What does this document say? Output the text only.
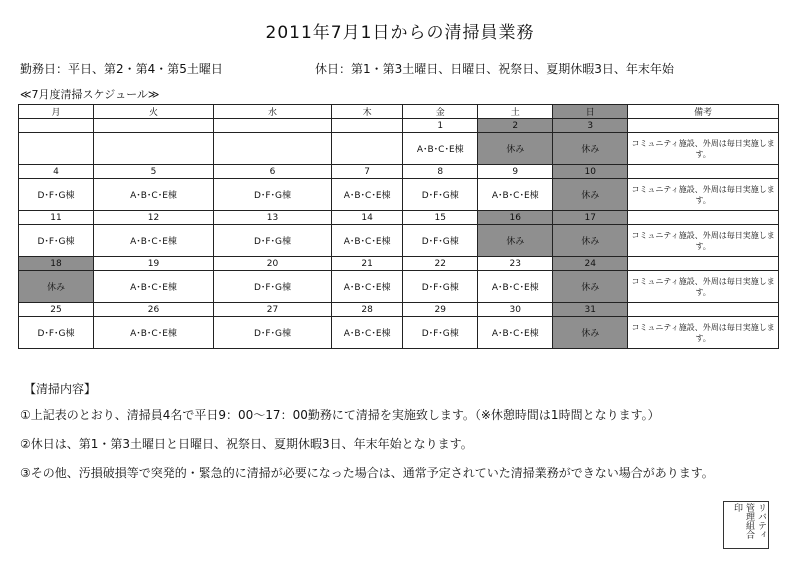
2011年7月1日からの清掃員業務
勤務日：平日、第2・第4・第5土曜日	休日：第1・第3土曜日、日曜日、祝祭日、夏期休暇3日、年末年始
≪7月度清掃スケジュール≫
月	火	水	木	金	土	日	備考
				1	2	3	
				A･B･C･E棟	休み	休み	コミュニティ施設、外周は毎日実施します。
4	5	6	7	8	9	10	
D･F･G棟	A･B･C･E棟	D･F･G棟	A･B･C･E棟	D･F･G棟	A･B･C･E棟	休み	コミュニティ施設、外周は毎日実施します。
11	12	13	14	15	16	17	
D･F･G棟	A･B･C･E棟	D･F･G棟	A･B･C･E棟	D･F･G棟	休み	休み	コミュニティ施設、外周は毎日実施します。
18	19	20	21	22	23	24	
休み	A･B･C･E棟	D･F･G棟	A･B･C･E棟	D･F･G棟	A･B･C･E棟	休み	コミュニティ施設、外周は毎日実施します。
25	26	27	28	29	30	31	
D･F･G棟	A･B･C･E棟	D･F･G棟	A･B･C･E棟	D･F･G棟	A･B･C･E棟	休み	コミュニティ施設、外周は毎日実施します。
【清掃内容】
①上記表のとおり、清掃員4名で平日9：00～17：00勤務にて清掃を実施致します。（※休憩時間は1時間となります。）
②休日は、第1・第3土曜日と日曜日、祝祭日、夏期休暇3日、年末年始となります。
③その他、汚損破損等で突発的・緊急的に清掃が必要になった場合は、通常予定されていた清掃業務ができない場合があります。
リバティ管理組合印
